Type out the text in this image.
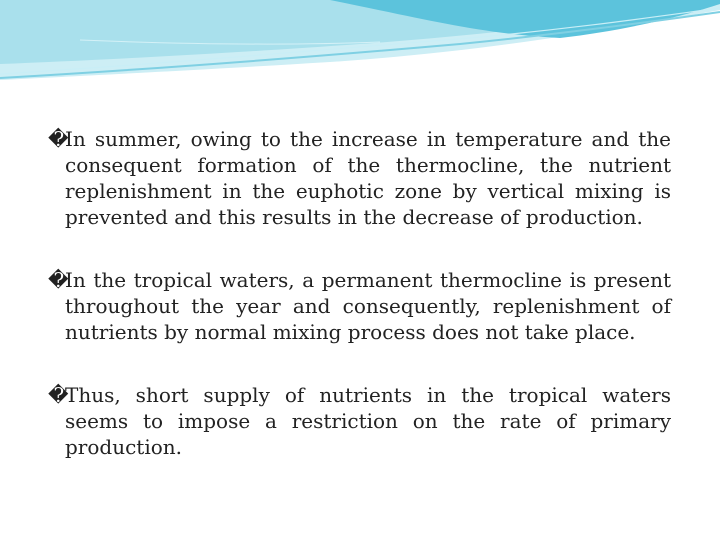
�
In summer, owing to the increase in temperature and the consequent formation of the thermocline, the nutrient replenishment in the euphotic zone by vertical mixing is prevented and this results in the decrease of production.
�
In the tropical waters, a permanent thermocline is present throughout the year and consequently, replenishment of nutrients by normal mixing process does not take place.
�
Thus, short supply of nutrients in the tropical waters seems to impose a restriction on the rate of primary production.
